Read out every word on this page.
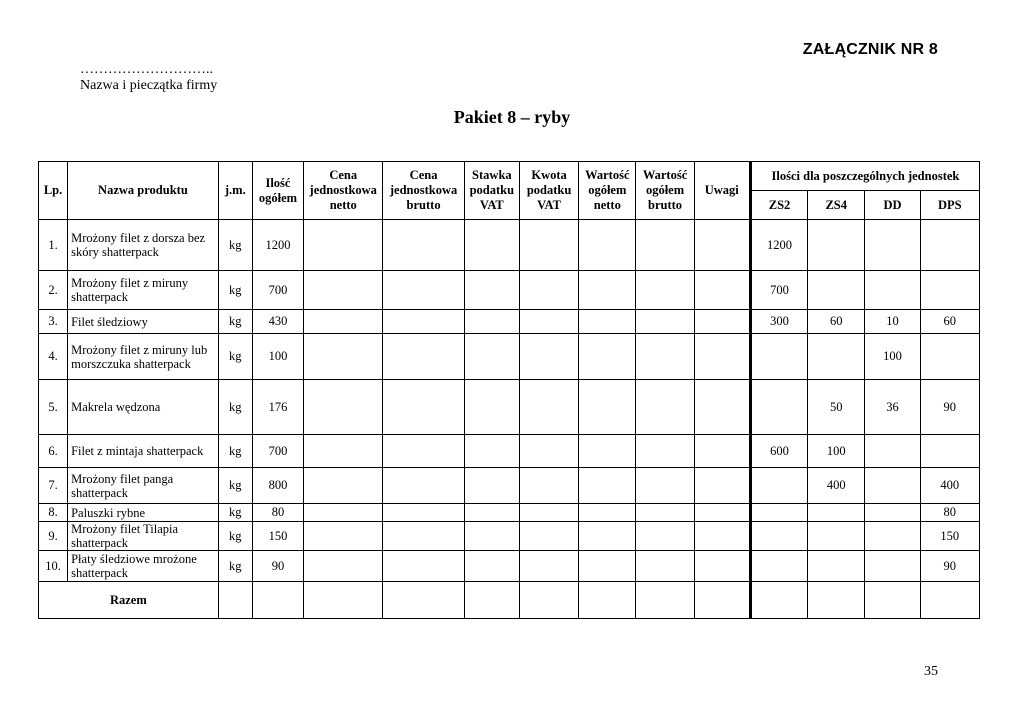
ZAŁĄCZNIK NR 8
………………………..
Nazwa i pieczątka firmy
Pakiet 8 – ryby
Lp.	Nazwa produktu	j.m.	Ilość ogółem	Cena jednostkowa netto	Cena jednostkowa brutto	Stawka podatku VAT	Kwota podatku VAT	Wartość ogółem netto	Wartość ogółem brutto	Uwagi	Ilości dla poszczególnych jednostek			
											ZS2	ZS4	DD	DPS
1.	Mrożony filet z dorsza bez skóry shatterpack	kg	1200								1200			
2.	Mrożony filet z miruny shatterpack	kg	700								700			
3.	Filet śledziowy	kg	430								300	60	10	60
4.	Mrożony filet z miruny lub morszczuka shatterpack	kg	100										100	
5.	Makrela wędzona	kg	176									50	36	90
6.	Filet z mintaja shatterpack	kg	700								600	100		
7.	Mrożony filet panga shatterpack	kg	800									400		400
8.	Paluszki rybne	kg	80											80
9.	Mrożony filet Tilapia shatterpack	kg	150											150
10.	Płaty śledziowe mrożone shatterpack	kg	90											90
Razem														
35
